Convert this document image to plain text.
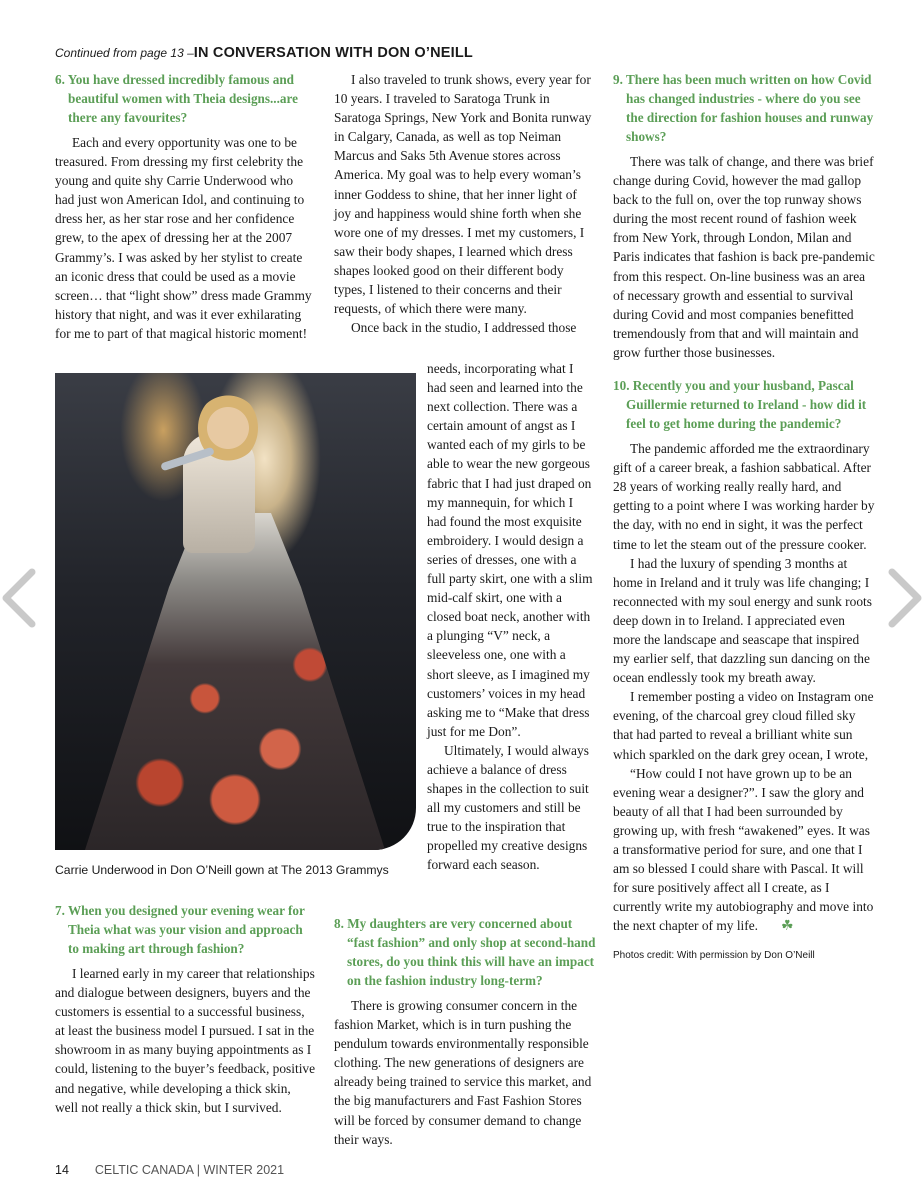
Continued from page 13 –IN CONVERSATION WITH DON O’NEILL
6. You have dressed incredibly famous and beautiful women with Theia designs...are there any favourites?

Each and every opportunity was one to be treasured. From dressing my first celebrity the young and quite shy Carrie Underwood who had just won American Idol, and continuing to dress her, as her star rose and her confidence grew, to the apex of dressing her at the 2007 Grammy’s. I was asked by her stylist to create an iconic dress that could be used as a movie screen… that “light show” dress made Grammy history that night, and was it ever exhilarating for me to part of that magical historic moment!

Carrie Underwood in Don O’Neill gown at The 2013 Grammys
7. When you designed your evening wear for Theia what was your vision and approach to making art through fashion?

I learned early in my career that relationships and dialogue between designers, buyers and the customers is essential to a successful business, at least the business model I pursued. I sat in the showroom in as many buying appointments as I could, listening to the buyer’s feedback, positive and negative, while developing a thick skin, well not really a thick skin, but I survived.

I also traveled to trunk shows, every year for 10 years. I traveled to Saratoga Trunk in Saratoga Springs, New York and Bonita runway in Calgary, Canada, as well as top Neiman Marcus and Saks 5th Avenue stores across America. My goal was to help every woman’s inner Goddess to shine, that her inner light of joy and happiness would shine forth when she wore one of my dresses. I met my customers, I saw their body shapes, I learned which dress shapes looked good on their different body types, I listened to their concerns and their requests, of which there were many.

Once back in the studio, I addressed those

needs, incorporating what I had seen and learned into the next collection. There was a certain amount of angst as I wanted each of my girls to be able to wear the new gorgeous fabric that I had just draped on my mannequin, for which I had found the most exquisite embroidery. I would design a series of dresses, one with a full party skirt, one with a slim mid-calf skirt, one with a closed boat neck, another with a plunging “V” neck, a sleeveless one, one with a short sleeve, as I imagined my customers’ voices in my head asking me to “Make that dress just for me Don”.

Ultimately, I would always achieve a balance of dress shapes in the collection to suit all my customers and still be true to the inspiration that propelled my creative designs forward each season.

8. My daughters are very concerned about “fast fashion” and only shop at second-hand stores, do you think this will have an impact on the fashion industry long-term?

There is growing consumer concern in the fashion Market, which is in turn pushing the pendulum towards environmentally responsible clothing. The new generations of designers are already being trained to service this market, and the big manufacturers and Fast Fashion Stores will be forced by consumer demand to change their ways.

9. There has been much written on how Covid has changed industries - where do you see the direction for fashion houses and runway shows?

There was talk of change, and there was brief change during Covid, however the mad gallop back to the full on, over the top runway shows during the most recent round of fashion week from New York, through London, Milan and Paris indicates that fashion is back pre-pandemic from this respect. On-line business was an area of necessary growth and essential to survival during Covid and most companies benefitted tremendously from that and will maintain and grow further those businesses.

10. Recently you and your husband, Pascal Guillermie returned to Ireland - how did it feel to get home during the pandemic?

The pandemic afforded me the extraordinary gift of a career break, a fashion sabbatical. After 28 years of working really really hard, and getting to a point where I was working harder by the day, with no end in sight, it was the perfect time to let the steam out of the pressure cooker.

I had the luxury of spending 3 months at home in Ireland and it truly was life changing; I reconnected with my soul energy and sunk roots deep down in to Ireland. I appreciated even more the landscape and seascape that inspired my earlier self, that dazzling sun dancing on the ocean endlessly took my breath away.

I remember posting a video on Instagram one evening, of the charcoal grey cloud filled sky that had parted to reveal a brilliant white sun which sparkled on the dark grey ocean, I wrote,

“How could I not have grown up to be an evening wear a designer?”. I saw the glory and beauty of all that I had been surrounded by growing up, with fresh “awakened” eyes. It was a transformative period for sure, and one that I am so blessed I could share with Pascal. It will for sure positively affect all I create, as I currently write my autobiography and move into the next chapter of my life. ☘

Photos credit: With permission by Don O’Neill
14 CELTIC CANADA | WINTER 2021
